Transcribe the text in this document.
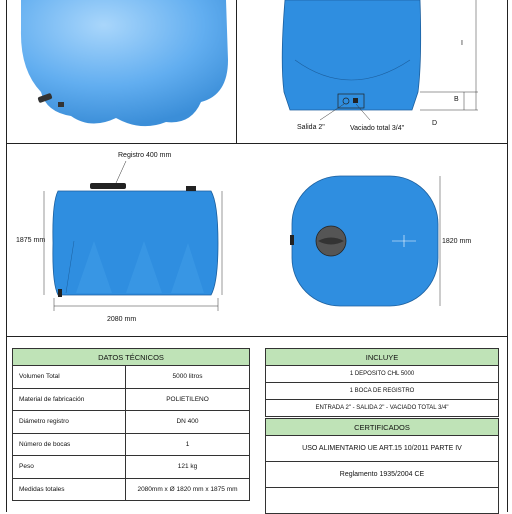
I
B
D
Salida 2"	Vaciado total 3/4"
Registro 400 mm
1875 mm
2080 mm
1820 mm
DATOS TÉCNICOS	
Volumen Total	5000 litros
Material de fabricación	POLIETILENO
Diámetro registro	DN 400
Número de bocas	1
Peso	121 kg
Medidas totales	2080mm x Ø 1820 mm x 1875 mm
INCLUYE
1 DEPOSITO CHL 5000
1 BOCA DE REGISTRO
ENTRADA 2" - SALIDA 2" - VACIADO TOTAL 3/4"
CERTIFICADOS
USO ALIMENTARIO UE ART.15 10/2011 PARTE IV
Reglamento 1935/2004 CE
